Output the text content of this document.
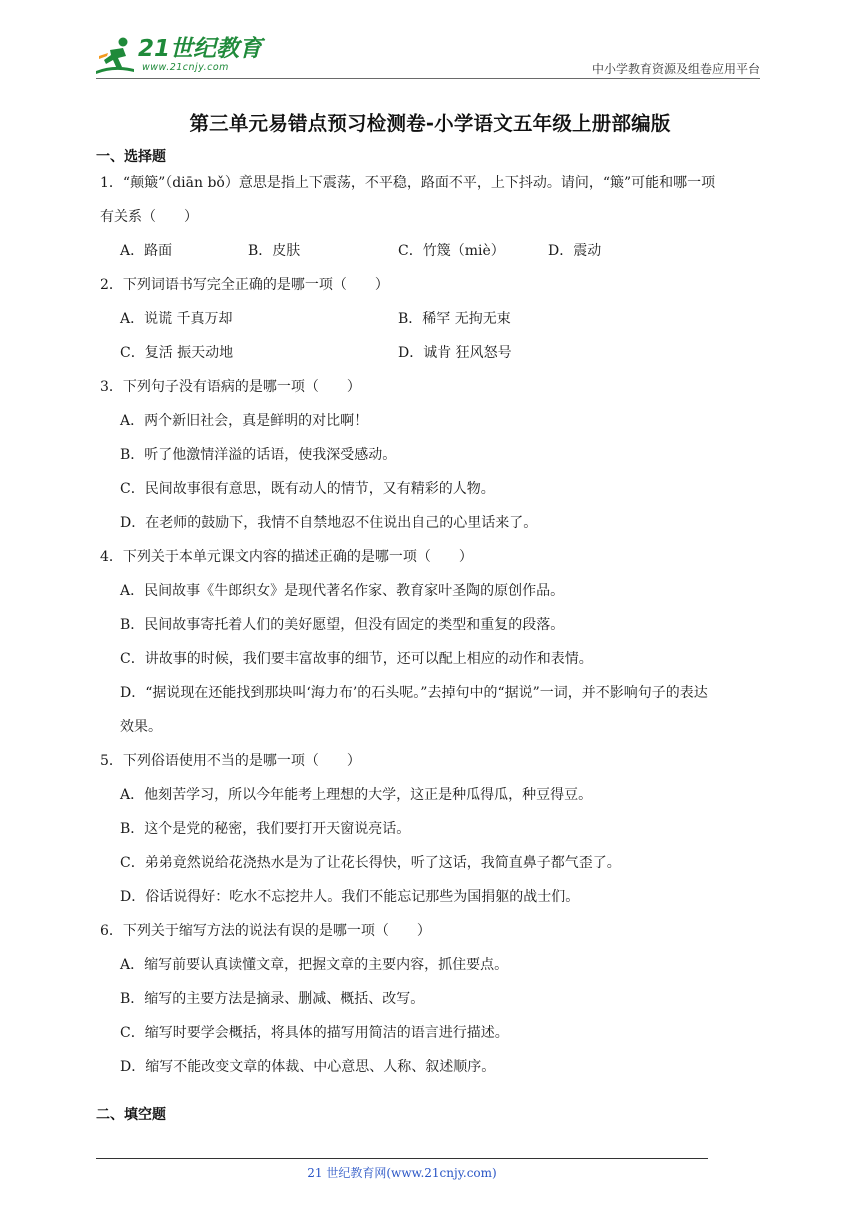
21世纪教育
www.21cnjy.com	中小学教育资源及组卷应用平台
第三单元易错点预习检测卷-小学语文五年级上册部编版
一、选择题
1．“颠簸”（diān bǒ）意思是指上下震荡，不平稳，路面不平，上下抖动。请问，“簸”可能和哪一项
有关系（　　）
A．路面	B．皮肤	C．竹篾（miè）	D．震动
2．下列词语书写完全正确的是哪一项（　　）
A．说谎 千真万却	B．稀罕 无拘无束
C．复活 振天动地	D．诚肯 狂风怒号
3．下列句子没有语病的是哪一项（　　）
A．两个新旧社会，真是鲜明的对比啊！
B．听了他激情洋溢的话语，使我深受感动。
C．民间故事很有意思，既有动人的情节，又有精彩的人物。
D．在老师的鼓励下，我情不自禁地忍不住说出自己的心里话来了。
4．下列关于本单元课文内容的描述正确的是哪一项（　　）
A．民间故事《牛郎织女》是现代著名作家、教育家叶圣陶的原创作品。
B．民间故事寄托着人们的美好愿望，但没有固定的类型和重复的段落。
C．讲故事的时候，我们要丰富故事的细节，还可以配上相应的动作和表情。
D．“据说现在还能找到那块叫‘海力布’的石头呢。”去掉句中的“据说”一词，并不影响句子的表达
效果。
5．下列俗语使用不当的是哪一项（　　）
A．他刻苦学习，所以今年能考上理想的大学，这正是种瓜得瓜，种豆得豆。
B．这个是党的秘密，我们要打开天窗说亮话。
C．弟弟竟然说给花浇热水是为了让花长得快，听了这话，我简直鼻子都气歪了。
D．俗话说得好：吃水不忘挖井人。我们不能忘记那些为国捐躯的战士们。
6．下列关于缩写方法的说法有误的是哪一项（　　）
A．缩写前要认真读懂文章，把握文章的主要内容，抓住要点。
B．缩写的主要方法是摘录、删减、概括、改写。
C．缩写时要学会概括，将具体的描写用简洁的语言进行描述。
D．缩写不能改变文章的体裁、中心意思、人称、叙述顺序。
二、填空题
21 世纪教育网(www.21cnjy.com)
